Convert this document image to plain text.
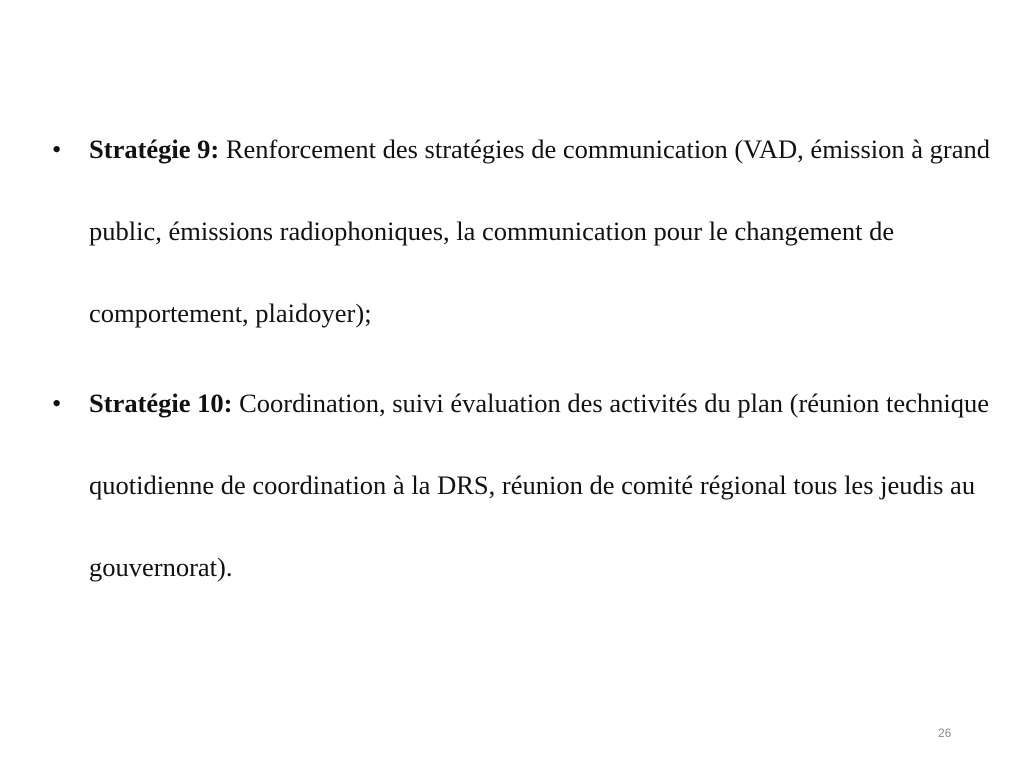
• Stratégie 9: Renforcement des stratégies de communication (VAD, émission à grand public, émissions radiophoniques, la communication pour le changement de comportement, plaidoyer);
• Stratégie 10: Coordination, suivi évaluation des activités du plan (réunion technique quotidienne de coordination à la DRS, réunion de comité régional tous les jeudis au gouvernorat).
26
